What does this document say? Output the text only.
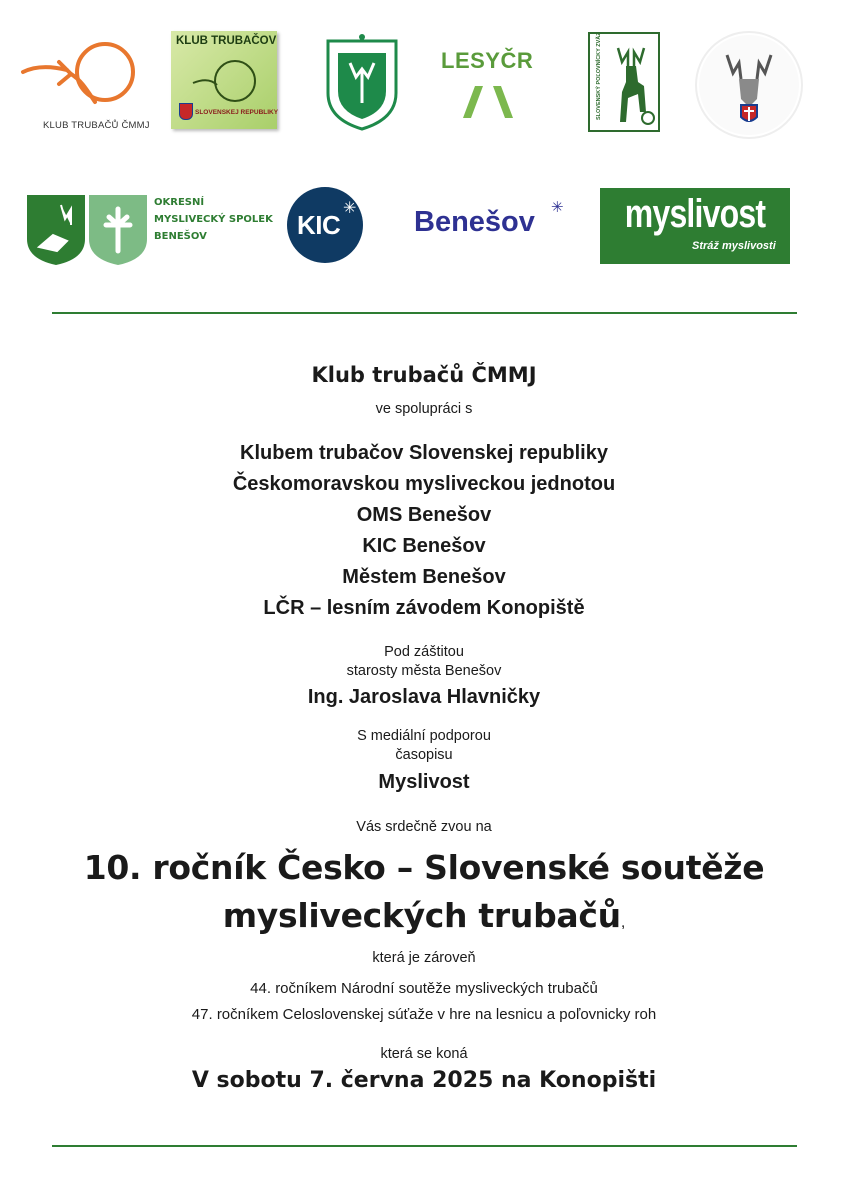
KLUB TRUBAČŮ ČMMJ
KLUB TRUBAČOV
SLOVENSKEJ REPUBLIKY
LESYČR	SLOVENSKÝ POĽOVNÍCKY ZVÄZ
OKRESNÍ
MYSLIVECKÝ SPOLEK
BENEŠOV	KIC
✳ Benešov ✳ myslivost
Stráž myslivosti
Klub trubačů ČMMJ
ve spolupráci s
Klubem trubačov Slovenskej republiky
Českomoravskou mysliveckou jednotou
OMS Benešov
KIC Benešov
Městem Benešov
LČR – lesním závodem Konopiště
Pod záštitou
starosty města Benešov
Ing. Jaroslava Hlavničky
S mediální podporou
časopisu
Myslivost
Vás srdečně zvou na
10. ročník Česko – Slovenské soutěže
mysliveckých trubačů,
která je zároveň
44. ročníkem Národní soutěže mysliveckých trubačů
47. ročníkem Celoslovenskej súťaže v hre na lesnicu a poľovnicky roh
která se koná
V sobotu 7. června 2025 na Konopišti
